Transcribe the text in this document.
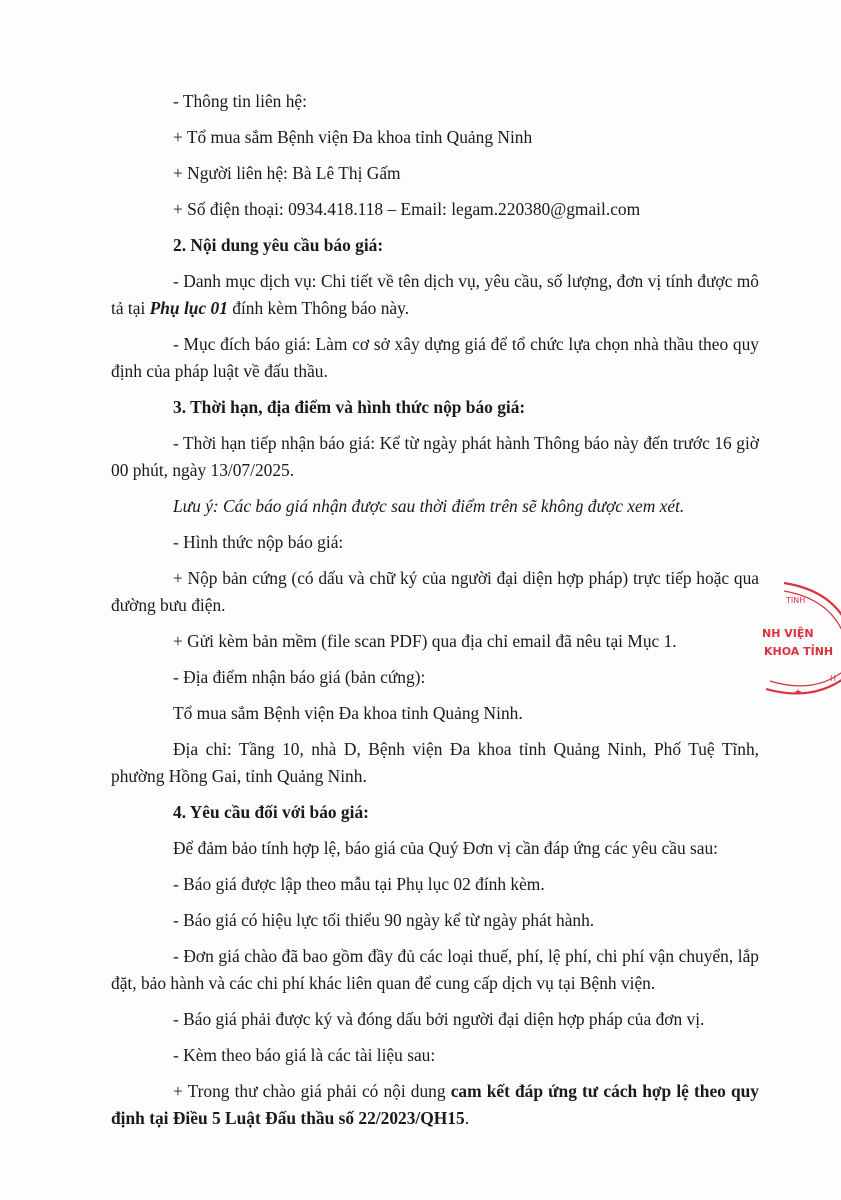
- Thông tin liên hệ:

+ Tổ mua sắm Bệnh viện Đa khoa tỉnh Quảng Ninh

+ Người liên hệ: Bà Lê Thị Gấm

+ Số điện thoại: 0934.418.118 – Email: legam.220380@gmail.com

2. Nội dung yêu cầu báo giá:

- Danh mục dịch vụ: Chi tiết về tên dịch vụ, yêu cầu, số lượng, đơn vị tính được mô tả tại Phụ lục 01 đính kèm Thông báo này.

- Mục đích báo giá: Làm cơ sở xây dựng giá để tổ chức lựa chọn nhà thầu theo quy định của pháp luật về đấu thầu.

3. Thời hạn, địa điểm và hình thức nộp báo giá:

- Thời hạn tiếp nhận báo giá: Kể từ ngày phát hành Thông báo này đến trước 16 giờ 00 phút, ngày 13/07/2025.

Lưu ý: Các báo giá nhận được sau thời điểm trên sẽ không được xem xét.

- Hình thức nộp báo giá:

+ Nộp bản cứng (có dấu và chữ ký của người đại diện hợp pháp) trực tiếp hoặc qua đường bưu điện.

+ Gửi kèm bản mềm (file scan PDF) qua địa chỉ email đã nêu tại Mục 1.

- Địa điểm nhận báo giá (bản cứng):

Tổ mua sắm Bệnh viện Đa khoa tỉnh Quảng Ninh.

Địa chỉ: Tầng 10, nhà D, Bệnh viện Đa khoa tỉnh Quảng Ninh, Phố Tuệ Tĩnh, phường Hồng Gai, tỉnh Quảng Ninh.

4. Yêu cầu đối với báo giá:

Để đảm bảo tính hợp lệ, báo giá của Quý Đơn vị cần đáp ứng các yêu cầu sau:

- Báo giá được lập theo mẫu tại Phụ lục 02 đính kèm.

- Báo giá có hiệu lực tối thiểu 90 ngày kể từ ngày phát hành.

- Đơn giá chào đã bao gồm đầy đủ các loại thuế, phí, lệ phí, chi phí vận chuyển, lắp đặt, bảo hành và các chi phí khác liên quan để cung cấp dịch vụ tại Bệnh viện.

- Báo giá phải được ký và đóng dấu bởi người đại diện hợp pháp của đơn vị.

- Kèm theo báo giá là các tài liệu sau:

+ Trong thư chào giá phải có nội dung cam kết đáp ứng tư cách hợp lệ theo quy định tại Điều 5 Luật Đấu thầu số 22/2023/QH15.

TINH
NH VIỆN
KHOA TỈNH
★
H
